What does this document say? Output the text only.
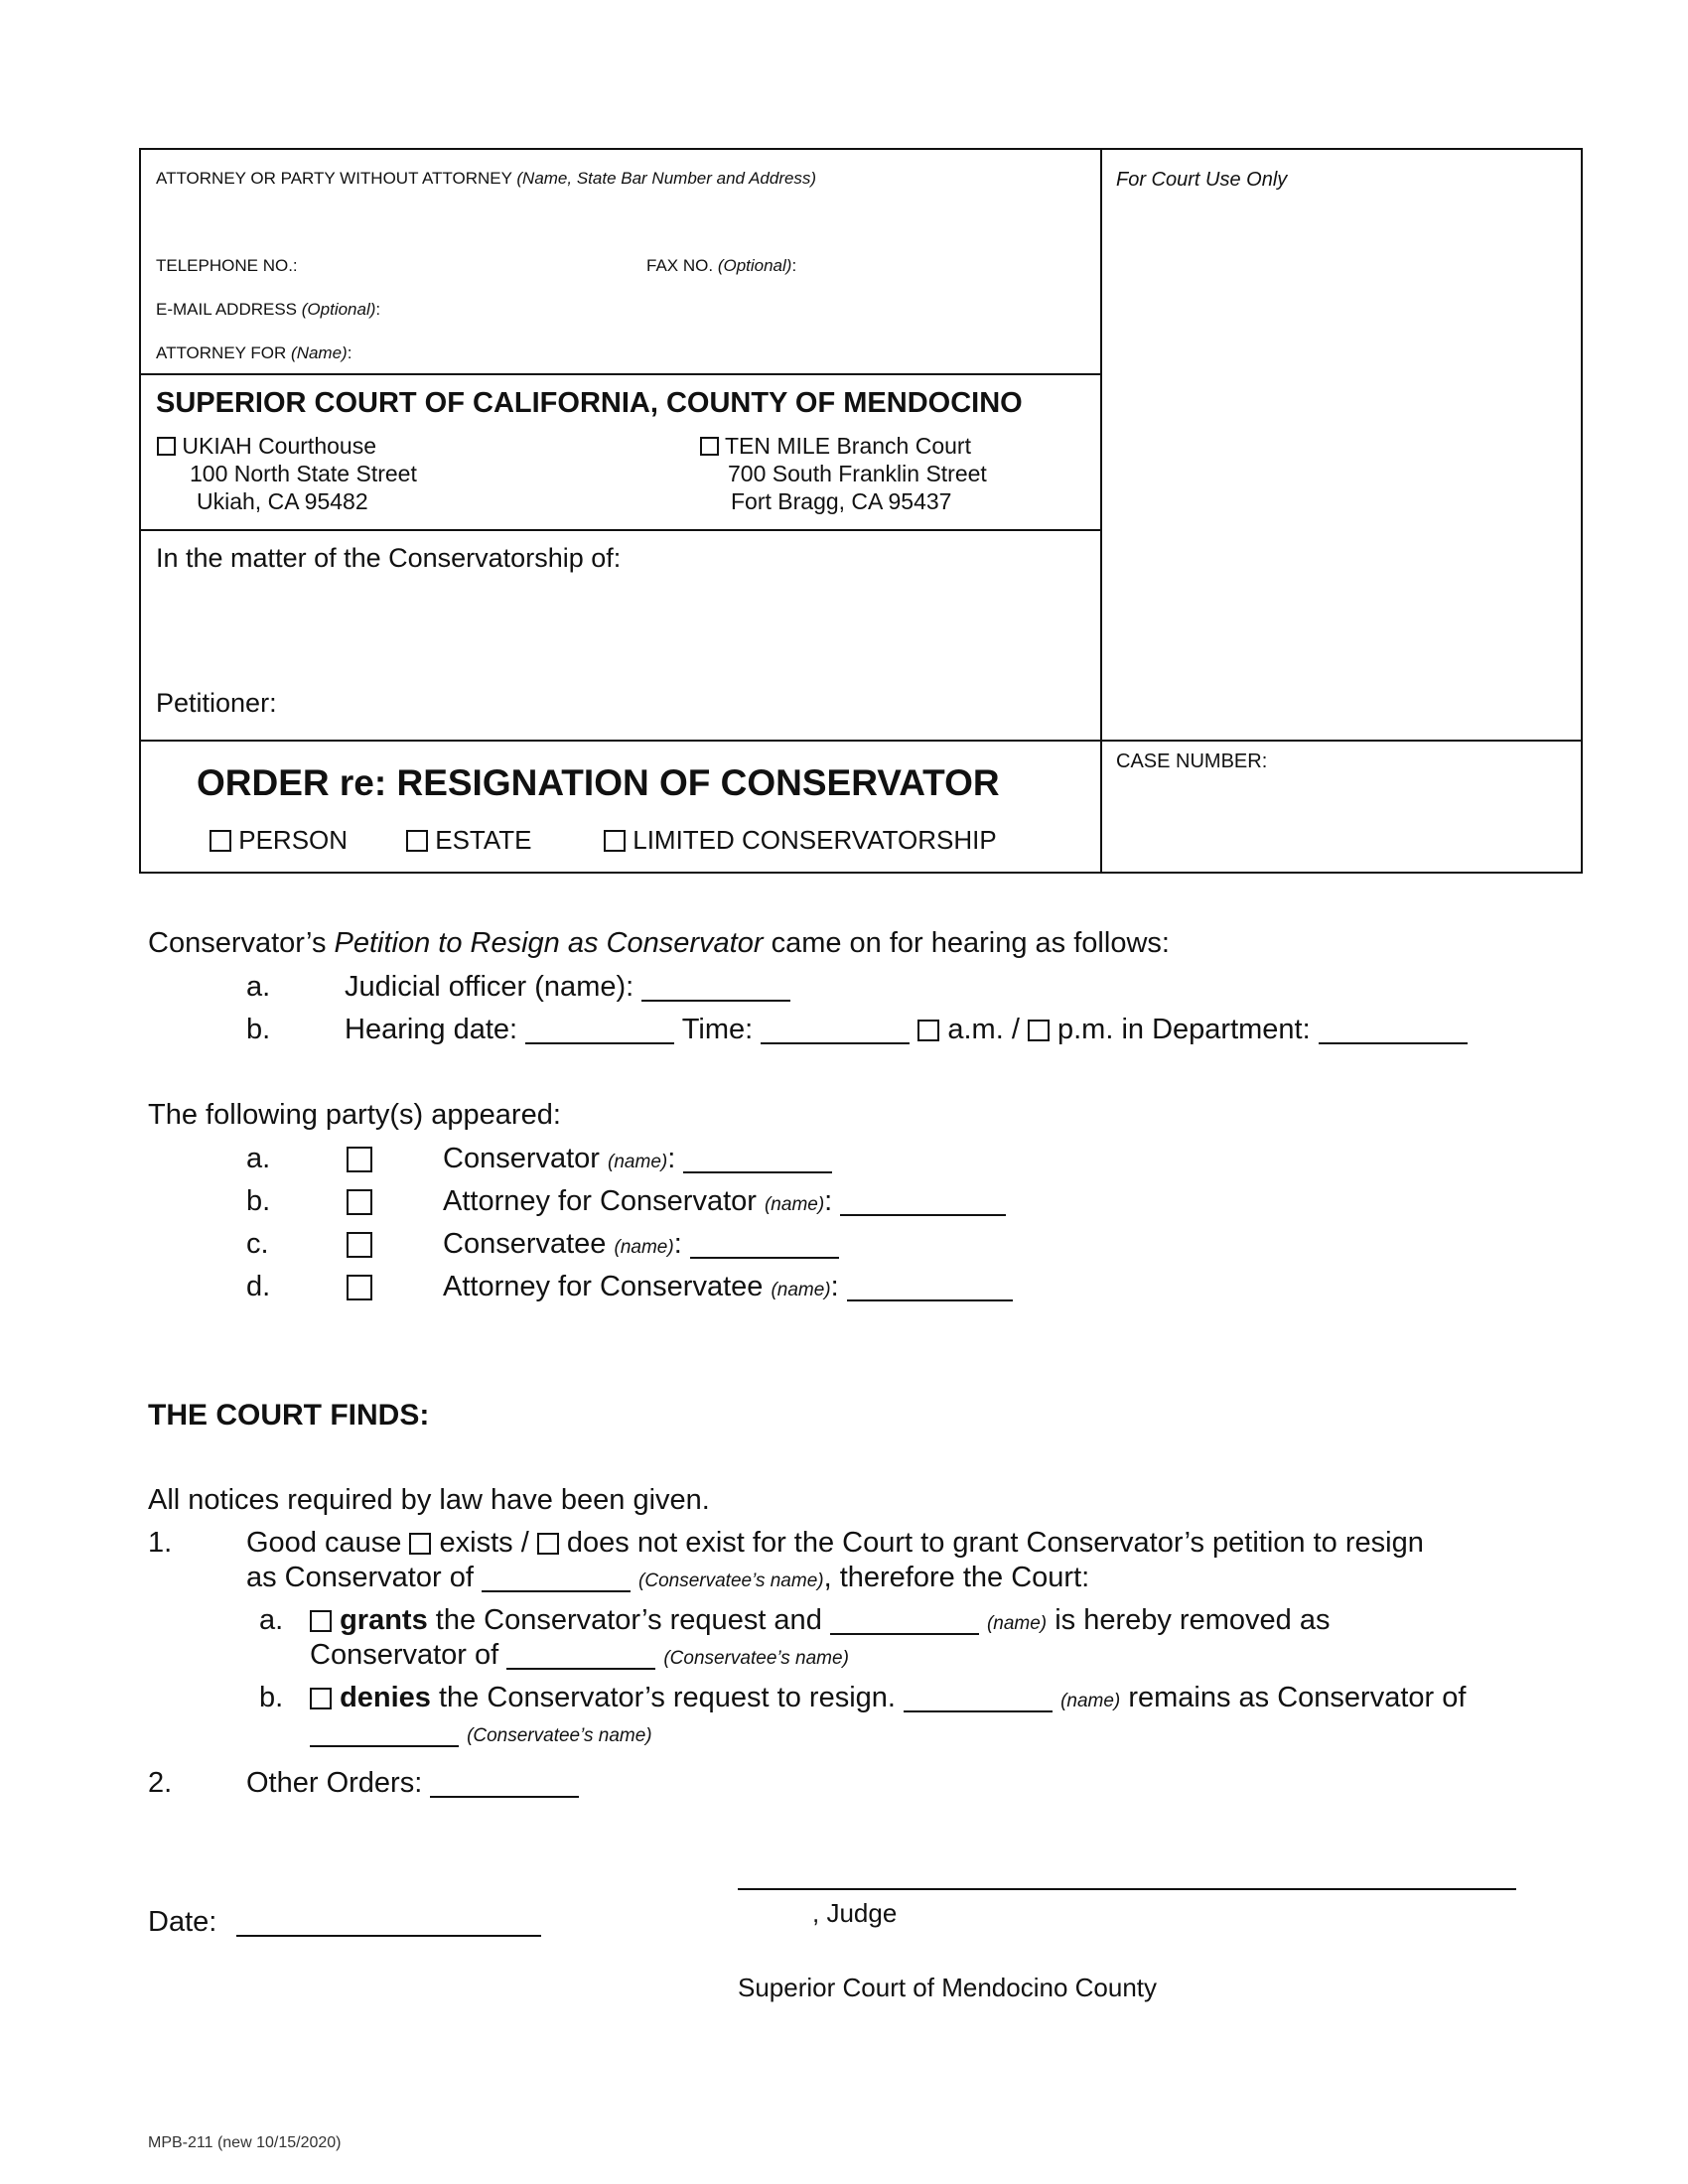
ATTORNEY OR PARTY WITHOUT ATTORNEY (Name, State Bar Number and Address)	For Court Use Only
TELEPHONE NO.:	FAX NO. (Optional):
E-MAIL ADDRESS (Optional):
ATTORNEY FOR (Name):
SUPERIOR COURT OF CALIFORNIA, COUNTY OF MENDOCINO
UKIAH Courthouse
100 North State Street
Ukiah, CA 95482
TEN MILE Branch Court
700 South Franklin Street
Fort Bragg, CA 95437
In the matter of the Conservatorship of:
Petitioner:
ORDER re: RESIGNATION OF CONSERVATOR
CASE NUMBER:
PERSON	ESTATE	LIMITED CONSERVATORSHIP
Conservator’s Petition to Resign as Conservator came on for hearing as follows:
a.	Judicial officer (name):
b.	Hearing date:	Time:	a.m. / p.m. in Department:
The following party(s) appeared:
a.	Conservator (name):
b.	Attorney for Conservator (name):
c.	Conservatee (name):
d.	Attorney for Conservatee (name):
THE COURT FINDS:
All notices required by law have been given.
1.	Good cause exists / does not exist for the Court to grant Conservator’s petition to resign
as Conservator of	(Conservatee’s name), therefore the Court:
a.	grants the Conservator’s request and	(name) is hereby removed as
Conservator of	(Conservatee’s name)
b.	denies the Conservator’s request to resign.	(name) remains as Conservator of
(Conservatee’s name)
2.	Other Orders:
Date:	, Judge
Superior Court of Mendocino County
MPB-211 (new 10/15/2020)
